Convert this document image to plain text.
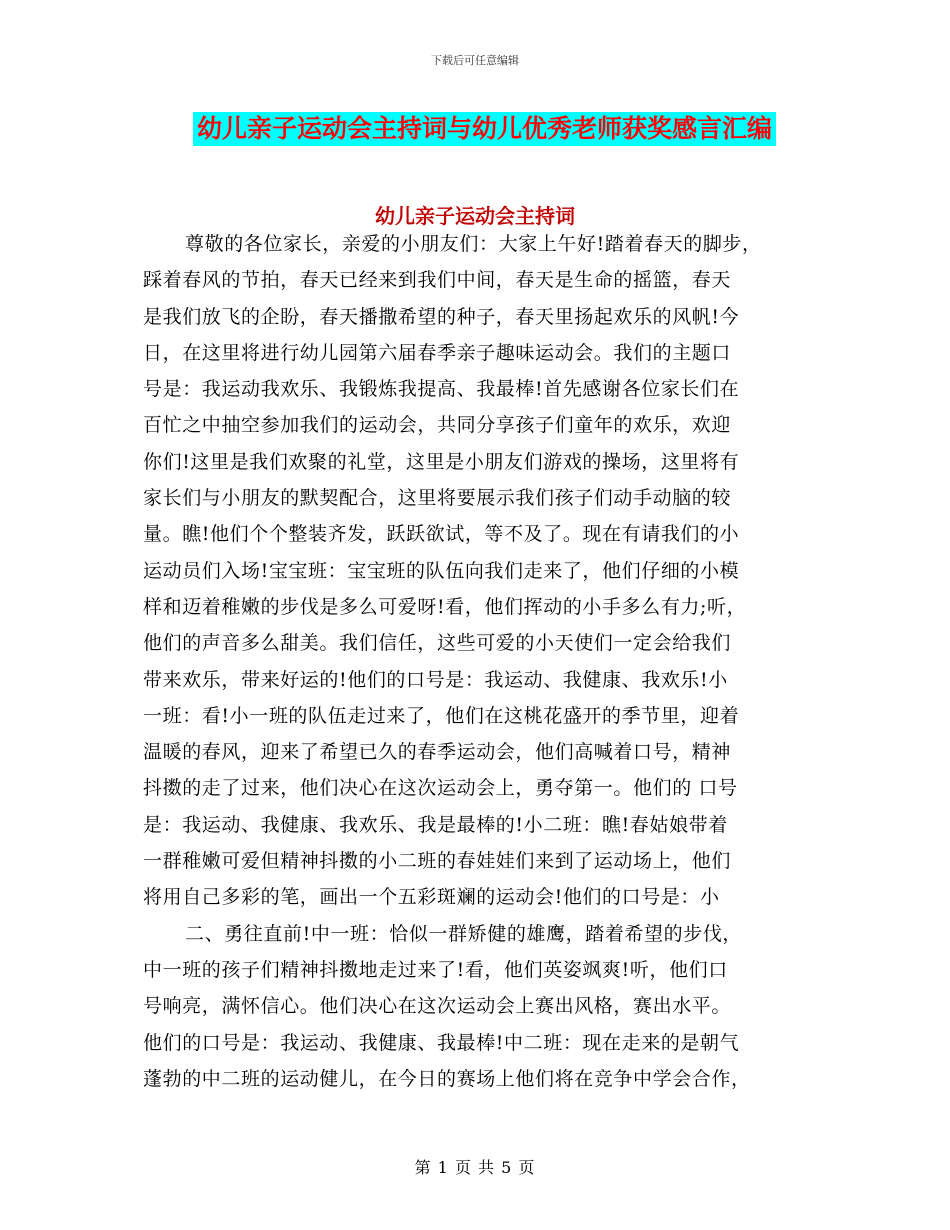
下载后可任意编辑
幼儿亲子运动会主持词与幼儿优秀老师获奖感言汇编
幼儿亲子运动会主持词
尊敬的各位家长，亲爱的小朋友们：大家上午好!踏着春天的脚步，
踩着春风的节拍，春天已经来到我们中间，春天是生命的摇篮，春天
是我们放飞的企盼，春天播撒希望的种子，春天里扬起欢乐的风帆!今
日，在这里将进行幼儿园第六届春季亲子趣味运动会。我们的主题口
号是：我运动我欢乐、我锻炼我提高、我最棒!首先感谢各位家长们在
百忙之中抽空参加我们的运动会，共同分享孩子们童年的欢乐，欢迎
你们!这里是我们欢聚的礼堂，这里是小朋友们游戏的操场，这里将有
家长们与小朋友的默契配合，这里将要展示我们孩子们动手动脑的较
量。瞧!他们个个整装齐发，跃跃欲试，等不及了。现在有请我们的小
运动员们入场!宝宝班：宝宝班的队伍向我们走来了，他们仔细的小模
样和迈着稚嫩的步伐是多么可爱呀!看，他们挥动的小手多么有力;听，
他们的声音多么甜美。我们信任，这些可爱的小天使们一定会给我们
带来欢乐，带来好运的!他们的口号是：我运动、我健康、我欢乐!小
一班：看!小一班的队伍走过来了，他们在这桃花盛开的季节里，迎着
温暖的春风，迎来了希望已久的春季运动会，他们高喊着口号，精神
抖擞的走了过来，他们决心在这次运动会上，勇夺第一。他们的 口号
是：我运动、我健康、我欢乐、我是最棒的!小二班：瞧!春姑娘带着
一群稚嫩可爱但精神抖擞的小二班的春娃娃们来到了运动场上，他们
将用自己多彩的笔，画出一个五彩斑斓的运动会!他们的口号是：小
二、勇往直前!中一班：恰似一群矫健的雄鹰，踏着希望的步伐，
中一班的孩子们精神抖擞地走过来了!看，他们英姿飒爽!听，他们口
号响亮，满怀信心。他们决心在这次运动会上赛出风格，赛出水平。
他们的口号是：我运动、我健康、我最棒!中二班：现在走来的是朝气
蓬勃的中二班的运动健儿，在今日的赛场上他们将在竞争中学会合作，
第 1 页 共 5 页
